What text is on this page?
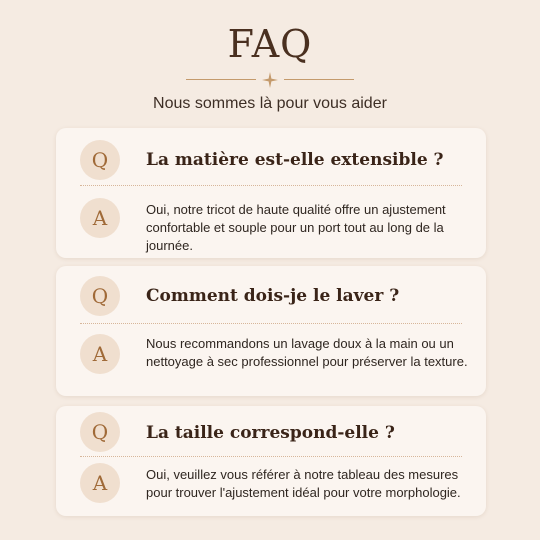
FAQ
Nous sommes là pour vous aider
Q	La matière est-elle extensible ?
A	Oui, notre tricot de haute qualité offre un ajustement confortable et souple pour un port tout au long de la journée.
Q	Comment dois-je le laver ?
A	Nous recommandons un lavage doux à la main ou un nettoyage à sec professionnel pour préserver la texture.
Q	La taille correspond-elle ?
A	Oui, veuillez vous référer à notre tableau des mesures pour trouver l'ajustement idéal pour votre morphologie.
